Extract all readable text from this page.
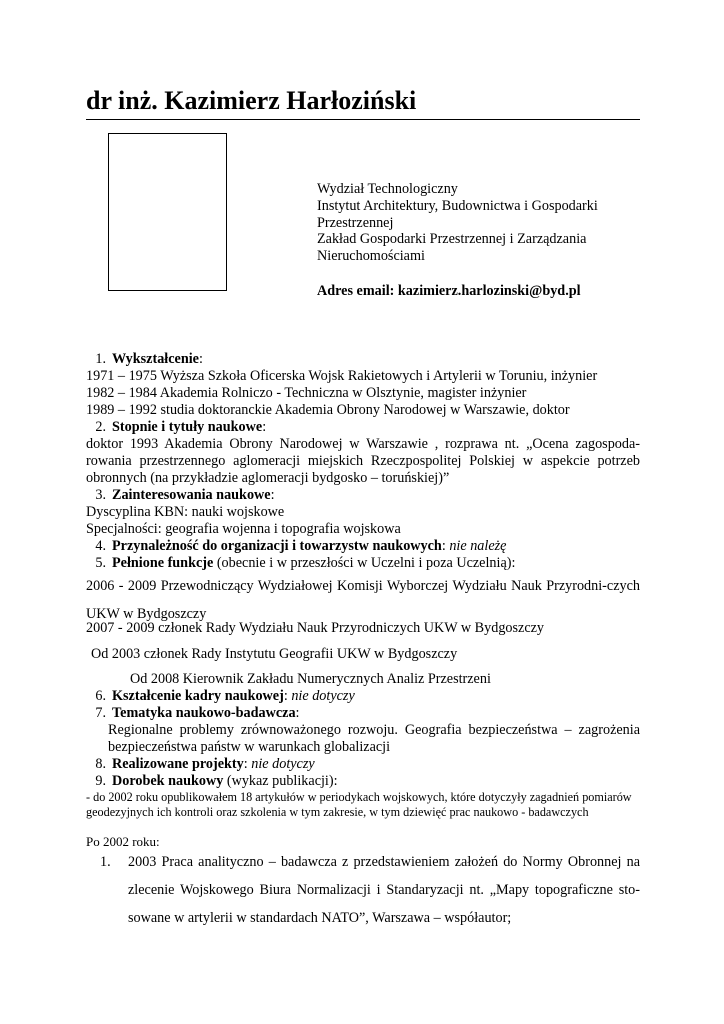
dr inż. Kazimierz Harłoziński
Wydział Technologiczny
Instytut Architektury, Budownictwa i Gospodarki Przestrzennej
Zakład Gospodarki Przestrzennej i Zarządzania Nieruchomościami
Adres email: kazimierz.harlozinski@byd.pl
1. Wykształcenie:
1971 – 1975 Wyższa Szkoła Oficerska Wojsk Rakietowych i Artylerii w Toruniu, inżynier
1982 – 1984 Akademia Rolniczo - Techniczna w Olsztynie, magister inżynier
1989 – 1992 studia doktoranckie Akademia Obrony Narodowej w Warszawie, doktor
2. Stopnie i tytuły naukowe:
doktor 1993 Akademia Obrony Narodowej w Warszawie , rozprawa nt. „Ocena zagospoda-rowania przestrzennego aglomeracji miejskich Rzeczpospolitej Polskiej w aspekcie potrzeb obronnych (na przykładzie aglomeracji bydgosko – toruńskiej)”
3. Zainteresowania naukowe:
Dyscyplina KBN: nauki wojskowe
Specjalności: geografia wojenna i topografia wojskowa
4. Przynależność do organizacji i towarzystw naukowych: nie należę
5. Pełnione funkcje (obecnie i w przeszłości w Uczelni i poza Uczelnią):
2006 - 2009 Przewodniczący Wydziałowej Komisji Wyborczej Wydziału Nauk Przyrodni-czych UKW w Bydgoszczy
2007 - 2009 członek Rady Wydziału Nauk Przyrodniczych UKW w Bydgoszczy
Od 2003 członek Rady Instytutu Geografii UKW w Bydgoszczy
Od 2008 Kierownik Zakładu Numerycznych Analiz Przestrzeni
6. Kształcenie kadry naukowej: nie dotyczy
7. Tematyka naukowo-badawcza:
Regionalne problemy zrównoważonego rozwoju. Geografia bezpieczeństwa – zagrożenia bezpieczeństwa państw w warunkach globalizacji
8. Realizowane projekty: nie dotyczy
9. Dorobek naukowy (wykaz publikacji):
- do 2002 roku opublikowałem 18 artykułów w periodykach wojskowych, które dotyczyły zagadnień pomiarów geodezyjnych ich kontroli oraz szkolenia w tym zakresie, w tym dziewięć prac naukowo - badawczych
Po 2002 roku:
1. 2003 Praca analityczno – badawcza z przedstawieniem założeń do Normy Obronnej na zlecenie Wojskowego Biura Normalizacji i Standaryzacji nt. „Mapy topograficzne sto-sowane w artylerii w standardach NATO”, Warszawa – współautor;
